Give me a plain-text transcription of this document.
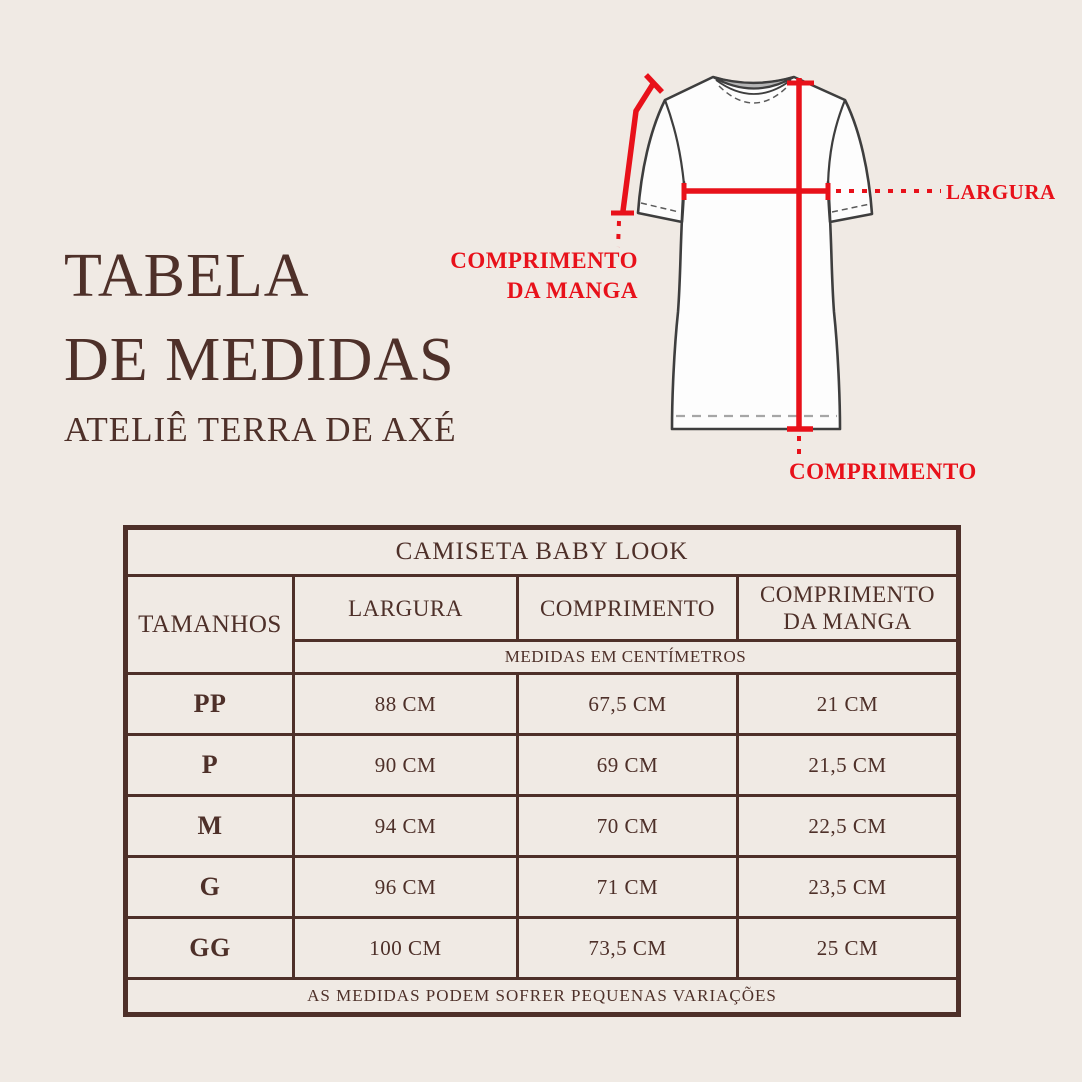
TABELA
DE MEDIDAS
ATELIÊ TERRA DE AXÉ
LARGURA
COMPRIMENTO
COMPRIMENTO DA MANGA
CAMISETA BABY LOOK			
TAMANHOS	LARGURA	COMPRIMENTO	COMPRIMENTO DA MANGA
	MEDIDAS EM CENTÍMETROS		
PP	88 CM	67,5 CM	21 CM
P	90 CM	69 CM	21,5 CM
M	94 CM	70 CM	22,5 CM
G	96 CM	71 CM	23,5 CM
GG	100 CM	73,5 CM	25 CM
AS MEDIDAS PODEM SOFRER PEQUENAS VARIAÇÕES			
